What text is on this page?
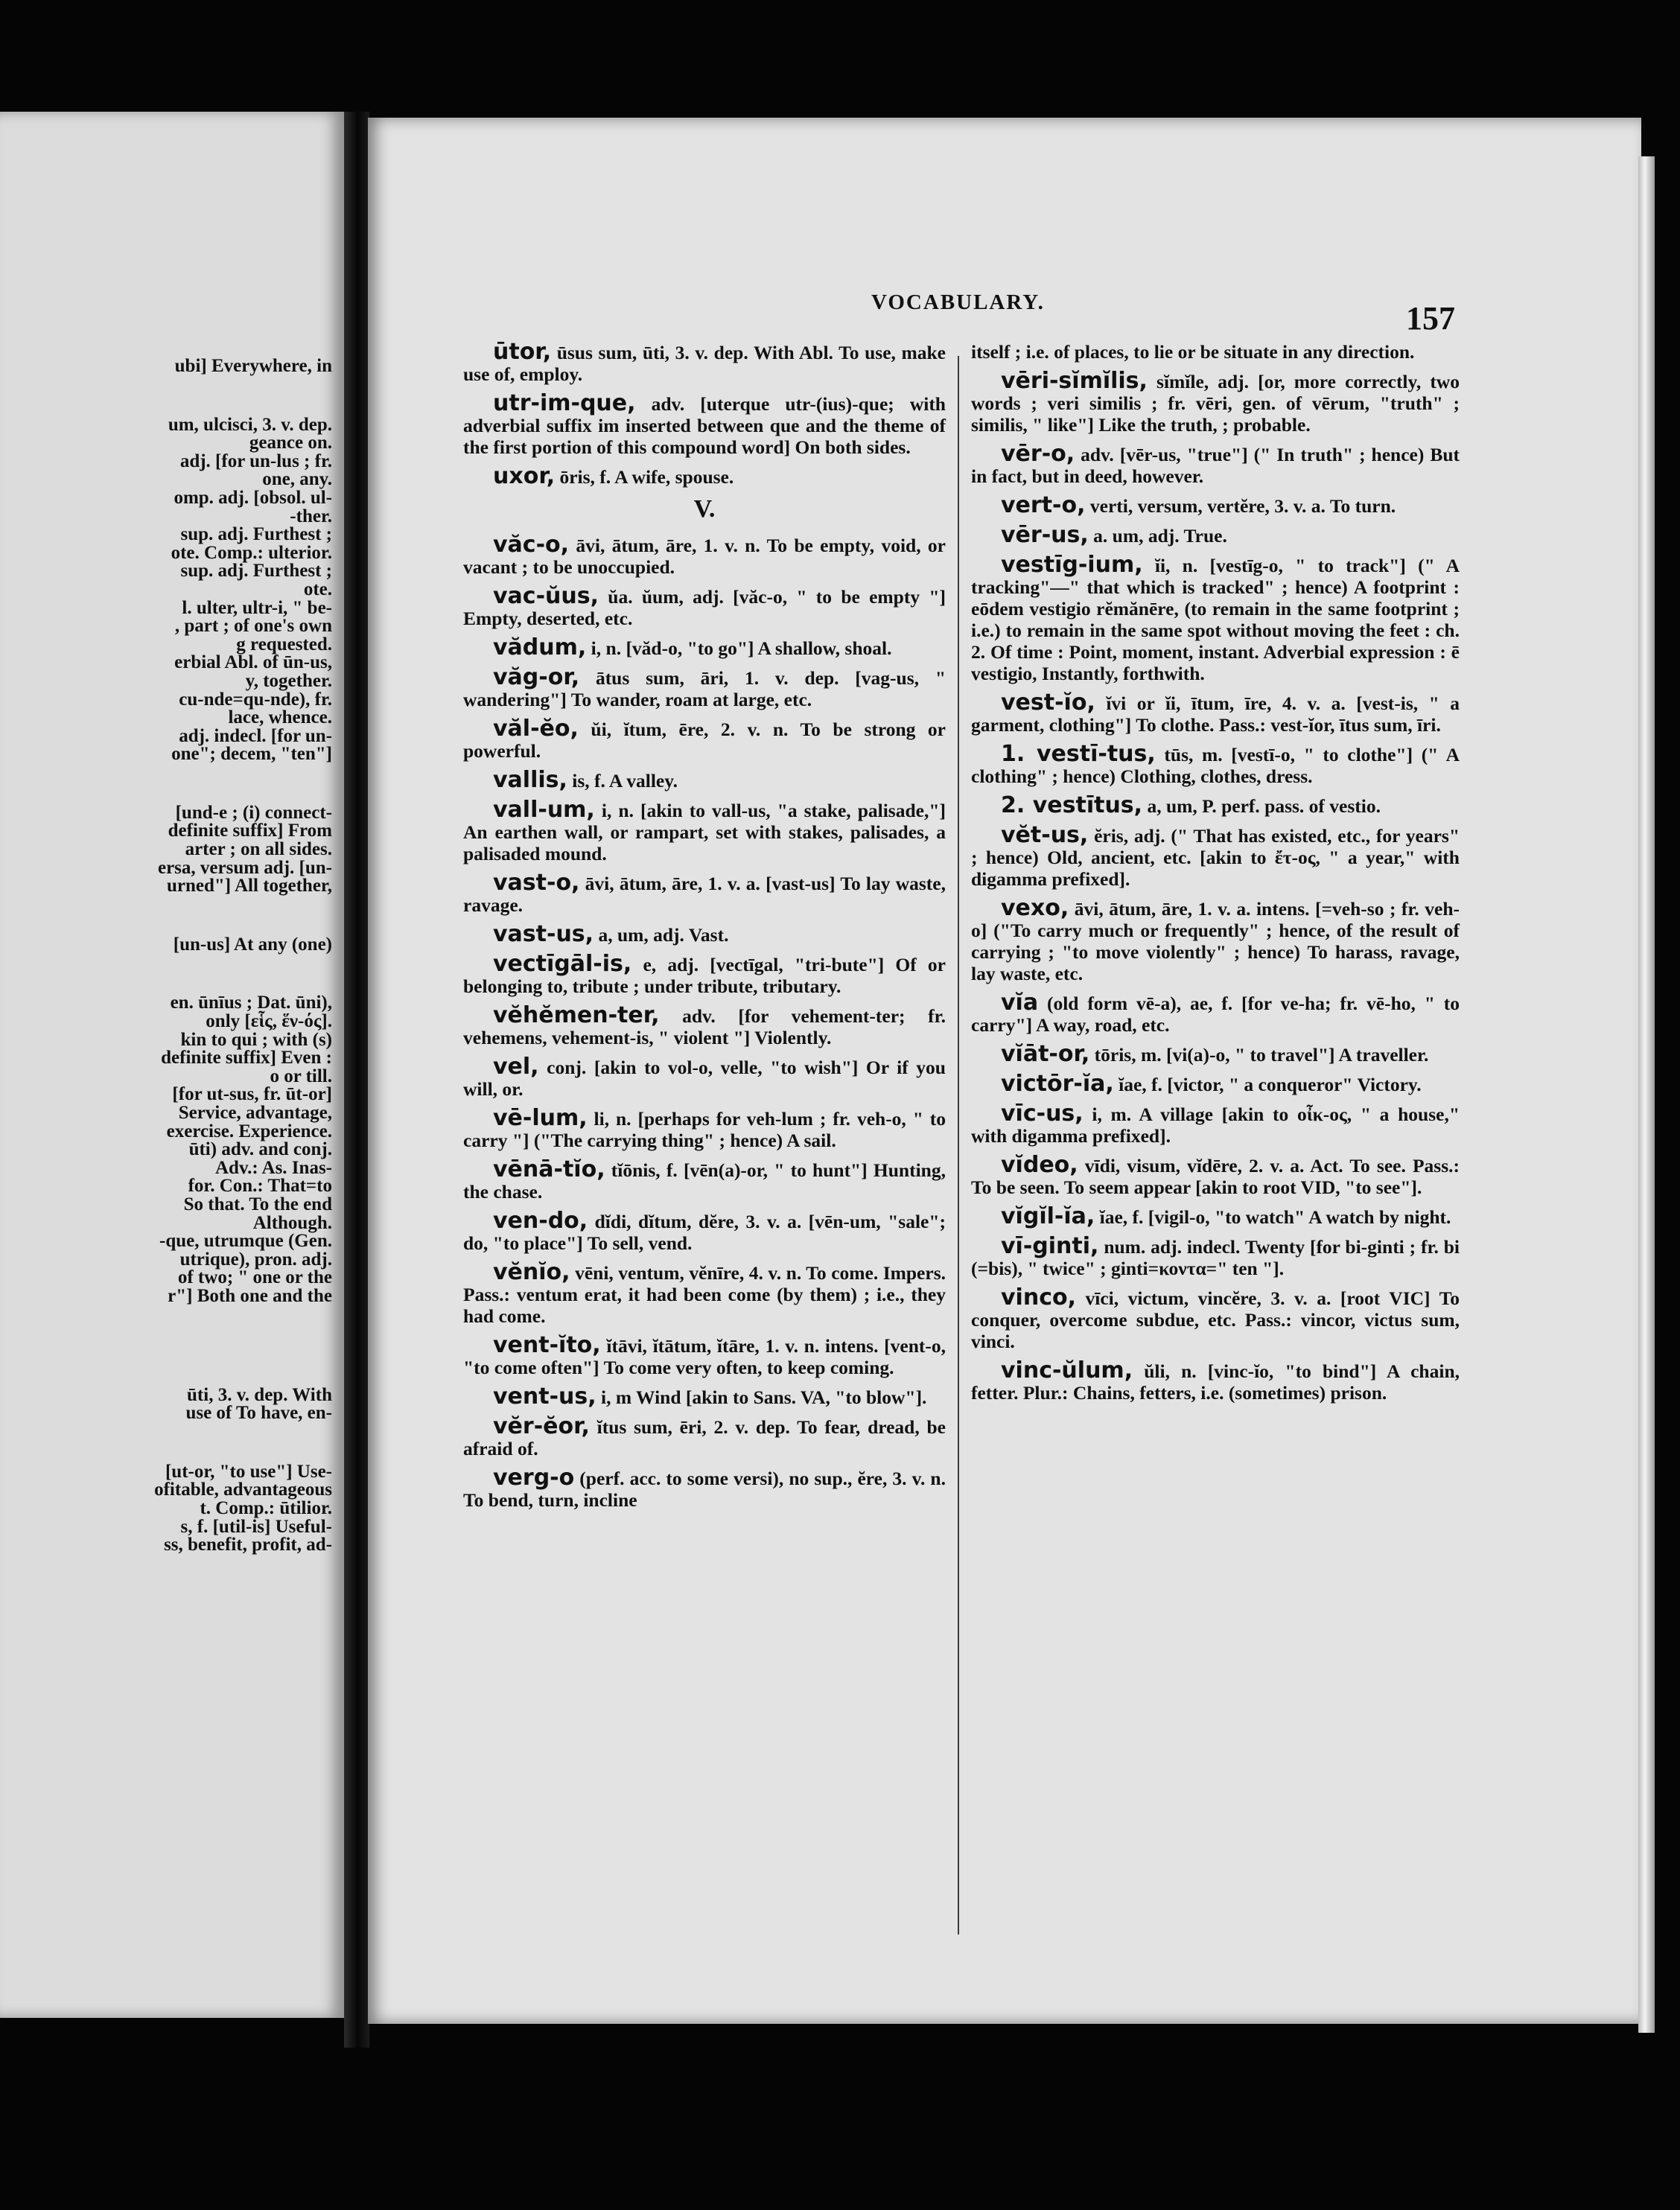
ubi] Everywhere, in
um, ulcisci, 3. v. dep.
geance on.
adj. [for un-lus ; fr.
one, any.
omp. adj. [obsol. ul-
-ther.
sup. adj. Furthest ;
ote. Comp.: ulterior.
sup. adj. Furthest ;
ote.
l. ulter, ultr-i, " be-
, part ; of one's own
g requested.
erbial Abl. of ūn-us,
y, together.
cu-nde=qu-nde), fr.
lace, whence.
adj. indecl. [for un-
one"; decem, "ten"]
[und-e ; (i) connect-
definite suffix] From
arter ; on all sides.
ersa, versum adj. [un-
urned"] All together,
[un-us] At any (one)
en. ūnīus ; Dat. ūni),
only [εἷς, ἕν-ός].
kin to qui ; with (s)
definite suffix] Even :
o or till.
[for ut-sus, fr. ūt-or]
Service, advantage,
exercise. Experience.
ūti) adv. and conj.
Adv.: As. Inas-
for. Con.: That=to
So that. To the end
Although.
-que, utrumque (Gen.
utrique), pron. adj.
of two; " one or the
r"] Both one and the
ūti, 3. v. dep. With
use of To have, en-
[ut-or, "to use"] Use-
ofitable, advantageous
t. Comp.: ūtilior.
s, f. [util-is] Useful-
ss, benefit, profit, ad-
VOCABULARY.	157
ūtor, ūsus sum, ūti, 3. v. dep. With Abl. To use, make use of, employ.
utr-im-que, adv. [uterque utr-(ius)-que; with adverbial suffix im inserted between que and the theme of the first portion of this compound word] On both sides.
uxor, ōris, f. A wife, spouse.
V.
văc-o, āvi, ātum, āre, 1. v. n. To be empty, void, or vacant ; to be unoccupied.
vac-ŭus, ŭa. ŭum, adj. [văc-o, " to be empty "] Empty, deserted, etc.
vădum, i, n. [văd-o, "to go"] A shallow, shoal.
văg-or, ātus sum, āri, 1. v. dep. [vag-us, " wandering"] To wander, roam at large, etc.
văl-ĕo, ŭi, ĭtum, ēre, 2. v. n. To be strong or powerful.
vallis, is, f. A valley.
vall-um, i, n. [akin to vall-us, "a stake, palisade,"] An earthen wall, or rampart, set with stakes, palisades, a palisaded mound.
vast-o, āvi, ātum, āre, 1. v. a. [vast-us] To lay waste, ravage.
vast-us, a, um, adj. Vast.
vectīgāl-is, e, adj. [vectīgal, "tri-bute"] Of or belonging to, tribute ; under tribute, tributary.
vĕhĕmen-ter, adv. [for vehement-ter; fr. vehemens, vehement-is, " violent "] Violently.
vel, conj. [akin to vol-o, velle, "to wish"] Or if you will, or.
vē-lum, li, n. [perhaps for veh-lum ; fr. veh-o, " to carry "] ("The carrying thing" ; hence) A sail.
vēnā-tĭo, tĭōnis, f. [vēn(a)-or, " to hunt"] Hunting, the chase.
ven-do, dĭdi, dĭtum, dĕre, 3. v. a. [vēn-um, "sale"; do, "to place"] To sell, vend.
vĕnĭo, vēni, ventum, vĕnīre, 4. v. n. To come. Impers. Pass.: ventum erat, it had been come (by them) ; i.e., they had come.
vent-ĭto, ĭtāvi, ĭtātum, ĭtāre, 1. v. n. intens. [vent-o, "to come often"] To come very often, to keep coming.
vent-us, i, m Wind [akin to Sans. VA, "to blow"].
vĕr-ĕor, ĭtus sum, ēri, 2. v. dep. To fear, dread, be afraid of.
verg-o (perf. acc. to some versi), no sup., ĕre, 3. v. n. To bend, turn, incline
itself ; i.e. of places, to lie or be situate in any direction.
vēri-sĭmĭlis, sĭmĭle, adj. [or, more correctly, two words ; veri similis ; fr. vēri, gen. of vērum, "truth" ; similis, " like"] Like the truth, ; probable.
vēr-o, adv. [vēr-us, "true"] (" In truth" ; hence) But in fact, but in deed, however.
vert-o, verti, versum, vertĕre, 3. v. a. To turn.
vēr-us, a. um, adj. True.
vestīg-ium, ĭi, n. [vestīg-o, " to track"] (" A tracking"—" that which is tracked" ; hence) A footprint : eōdem vestigio rĕmănēre, (to remain in the same footprint ; i.e.) to remain in the same spot without moving the feet : ch. 2. Of time : Point, moment, instant. Adverbial expression : ē vestigio, Instantly, forthwith.
vest-ĭo, ĭvi or ĭi, ītum, īre, 4. v. a. [vest-is, " a garment, clothing"] To clothe. Pass.: vest-ĭor, ītus sum, īri.
1. vestī-tus, tūs, m. [vestī-o, " to clothe"] (" A clothing" ; hence) Clothing, clothes, dress.
2. vestītus, a, um, P. perf. pass. of vestio.
vĕt-us, ĕris, adj. (" That has existed, etc., for years" ; hence) Old, ancient, etc. [akin to ἔτ-ος, " a year," with digamma prefixed].
vexo, āvi, ātum, āre, 1. v. a. intens. [=veh-so ; fr. veh-o] ("To carry much or frequently" ; hence, of the result of carrying ; "to move violently" ; hence) To harass, ravage, lay waste, etc.
vĭa (old form vē-a), ae, f. [for ve-ha; fr. vē-ho, " to carry"] A way, road, etc.
vĭāt-or, tōris, m. [vi(a)-o, " to travel"] A traveller.
victōr-ĭa, ĭae, f. [victor, " a conqueror" Victory.
vīc-us, i, m. A village [akin to οἶκ-ος, " a house," with digamma prefixed].
vĭdeo, vīdi, visum, vĭdēre, 2. v. a. Act. To see. Pass.: To be seen. To seem appear [akin to root VID, "to see"].
vĭgĭl-ĭa, ĭae, f. [vigil-o, "to watch" A watch by night.
vī-ginti, num. adj. indecl. Twenty [for bi-ginti ; fr. bi (=bis), " twice" ; ginti=κοντα=" ten "].
vinco, vīci, victum, vincĕre, 3. v. a. [root VIC] To conquer, overcome subdue, etc. Pass.: vincor, victus sum, vinci.
vinc-ŭlum, ŭli, n. [vinc-ĭo, "to bind"] A chain, fetter. Plur.: Chains, fetters, i.e. (sometimes) prison.
